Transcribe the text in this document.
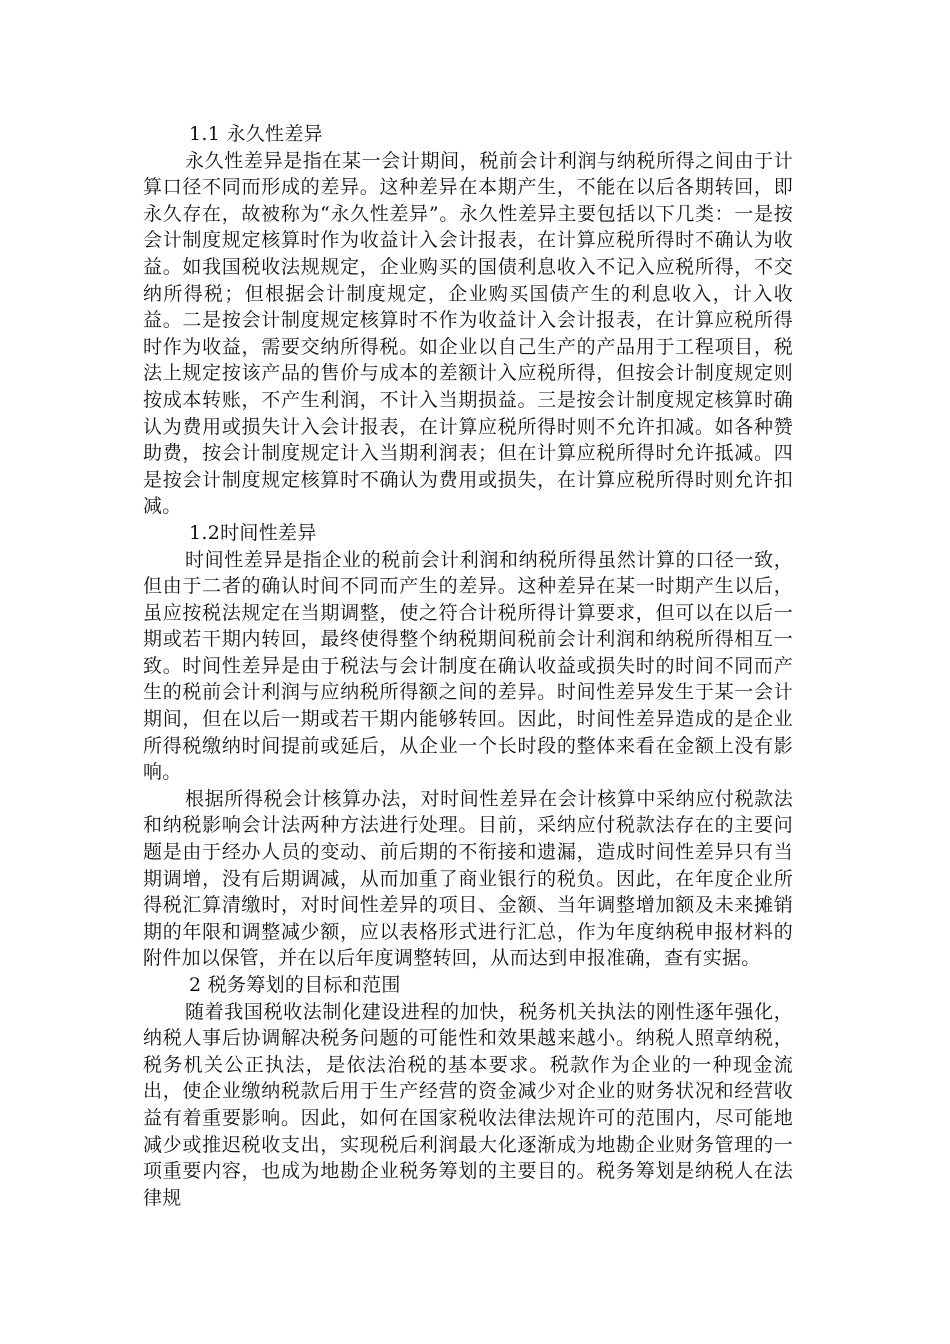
1.1 永久性差异

永久性差异是指在某一会计期间，税前会计利润与纳税所得之间由于计算口径不同而形成的差异。这种差异在本期产生，不能在以后各期转回，即永久存在，故被称为“永久性差异”。永久性差异主要包括以下几类：一是按会计制度规定核算时作为收益计入会计报表，在计算应税所得时不确认为收益。如我国税收法规规定，企业购买的国债利息收入不记入应税所得，不交纳所得税；但根据会计制度规定，企业购买国债产生的利息收入，计入收益。二是按会计制度规定核算时不作为收益计入会计报表，在计算应税所得时作为收益，需要交纳所得税。如企业以自己生产的产品用于工程项目，税法上规定按该产品的售价与成本的差额计入应税所得，但按会计制度规定则按成本转账，不产生利润，不计入当期损益。三是按会计制度规定核算时确认为费用或损失计入会计报表，在计算应税所得时则不允许扣减。如各种赞助费，按会计制度规定计入当期利润表；但在计算应税所得时允许抵减。四是按会计制度规定核算时不确认为费用或损失，在计算应税所得时则允许扣减。

1.2时间性差异

时间性差异是指企业的税前会计利润和纳税所得虽然计算的口径一致，但由于二者的确认时间不同而产生的差异。这种差异在某一时期产生以后，虽应按税法规定在当期调整，使之符合计税所得计算要求，但可以在以后一期或若干期内转回，最终使得整个纳税期间税前会计利润和纳税所得相互一致。时间性差异是由于税法与会计制度在确认收益或损失时的时间不同而产生的税前会计利润与应纳税所得额之间的差异。时间性差异发生于某一会计期间，但在以后一期或若干期内能够转回。因此，时间性差异造成的是企业所得税缴纳时间提前或延后，从企业一个长时段的整体来看在金额上没有影响。

根据所得税会计核算办法，对时间性差异在会计核算中采纳应付税款法和纳税影响会计法两种方法进行处理。目前，采纳应付税款法存在的主要问题是由于经办人员的变动、前后期的不衔接和遗漏，造成时间性差异只有当期调增，没有后期调减，从而加重了商业银行的税负。因此，在年度企业所得税汇算清缴时，对时间性差异的项目、金额、当年调整增加额及未来摊销期的年限和调整减少额，应以表格形式进行汇总，作为年度纳税申报材料的附件加以保管，并在以后年度调整转回，从而达到申报准确，查有实据。

2 税务筹划的目标和范围

随着我国税收法制化建设进程的加快，税务机关执法的刚性逐年强化，纳税人事后协调解决税务问题的可能性和效果越来越小。纳税人照章纳税，税务机关公正执法，是依法治税的基本要求。税款作为企业的一种现金流出，使企业缴纳税款后用于生产经营的资金减少对企业的财务状况和经营收益有着重要影响。因此，如何在国家税收法律法规许可的范围内，尽可能地减少或推迟税收支出，实现税后利润最大化逐渐成为地勘企业财务管理的一项重要内容，也成为地勘企业税务筹划的主要目的。税务筹划是纳税人在法律规
